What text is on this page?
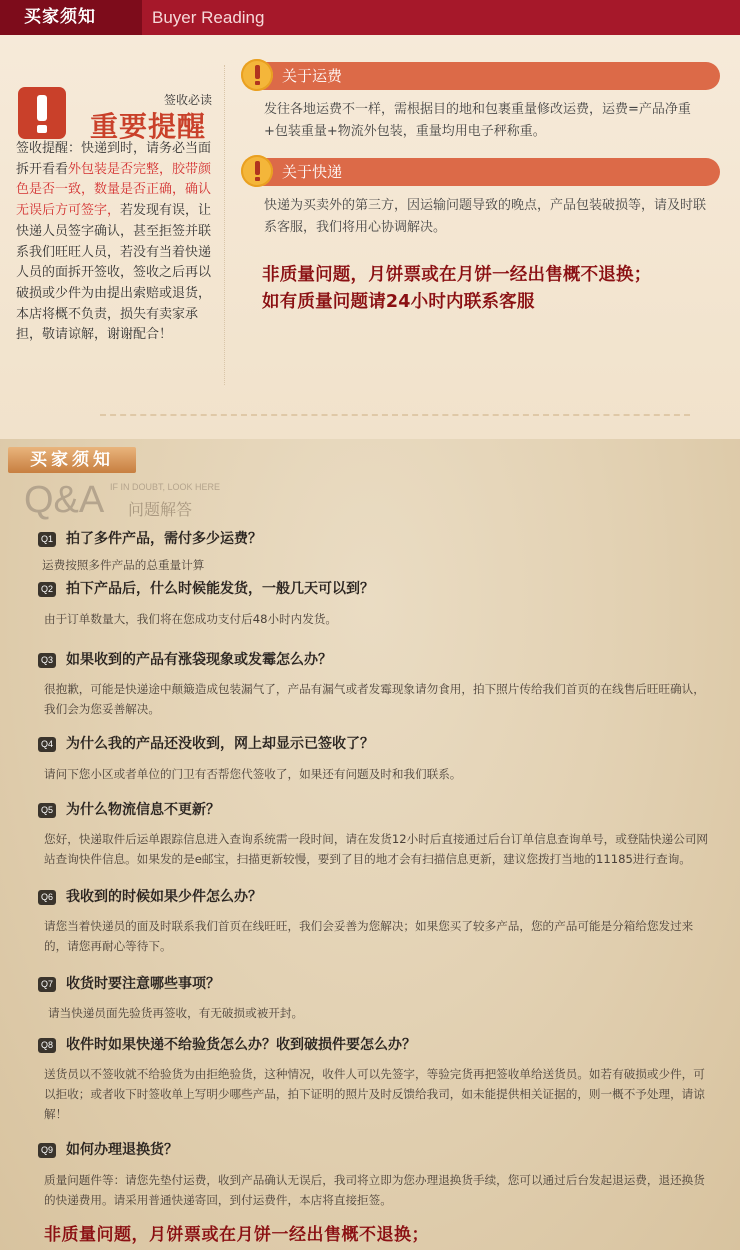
买家须知	Buyer Reading
签收必读
重要提醒
签收提醒：快递到时，请务必当面拆开看看外包装是否完整，胶带颜色是否一致，数量是否正确，确认无误后方可签字，若发现有误，让快递人员签字确认，甚至拒签并联系我们旺旺人员，若没有当着快递人员的面拆开签收，签收之后再以破损或少件为由提出索赔或退货，本店将概不负责，损失有卖家承担，敬请谅解，谢谢配合！
关于运费
发往各地运费不一样，需根据目的地和包裹重量修改运费，运费=产品净重+包装重量+物流外包装，重量均用电子秤称重。
关于快递
快递为买卖外的第三方，因运输问题导致的晚点，产品包装破损等，请及时联系客服，我们将用心协调解决。
非质量问题，月饼票或在月饼一经出售概不退换；
如有质量问题请24小时内联系客服
买家须知
Q&A IF IN DOUBT, LOOK HERE
问题解答
Q1 拍了多件产品，需付多少运费？
运费按照多件产品的总重量计算
Q2 拍下产品后，什么时候能发货，一般几天可以到？
由于订单数量大，我们将在您成功支付后48小时内发货。
Q3 如果收到的产品有涨袋现象或发霉怎么办？
很抱歉，可能是快递途中颠簸造成包装漏气了，产品有漏气或者发霉现象请勿食用，拍下照片传给我们首页的在线售后旺旺确认，我们会为您妥善解决。
Q4 为什么我的产品还没收到，网上却显示已签收了？
请问下您小区或者单位的门卫有否帮您代签收了，如果还有问题及时和我们联系。
Q5 为什么物流信息不更新？
您好，快递取件后运单跟踪信息进入查询系统需一段时间，请在发货12小时后直接通过后台订单信息查询单号，或登陆快递公司网站查询快件信息。如果发的是e邮宝，扫描更新较慢，要到了目的地才会有扫描信息更新，建议您拨打当地的11185进行查询。
Q6 我收到的时候如果少件怎么办？
请您当着快递员的面及时联系我们首页在线旺旺，我们会妥善为您解决；如果您买了较多产品，您的产品可能是分箱给您发过来的，请您再耐心等待下。
Q7 收货时要注意哪些事项？
请当快递员面先验货再签收，有无破损或被开封。
Q8 收件时如果快递不给验货怎么办？收到破损件要怎么办？
送货员以不签收就不给验货为由拒绝验货，这种情况，收件人可以先签字，等验完货再把签收单给送货员。如若有破损或少件，可以拒收；或者收下时签收单上写明少哪些产品，拍下证明的照片及时反馈给我司，如未能提供相关证据的，则一概不予处理，请谅解！
Q9 如何办理退换货？
质量问题件等：请您先垫付运费，收到产品确认无误后，我司将立即为您办理退换货手续，您可以通过后台发起退运费，退还换货的快递费用。请采用普通快递寄回，到付运费件，本店将直接拒签。
非质量问题，月饼票或在月饼一经出售概不退换；
